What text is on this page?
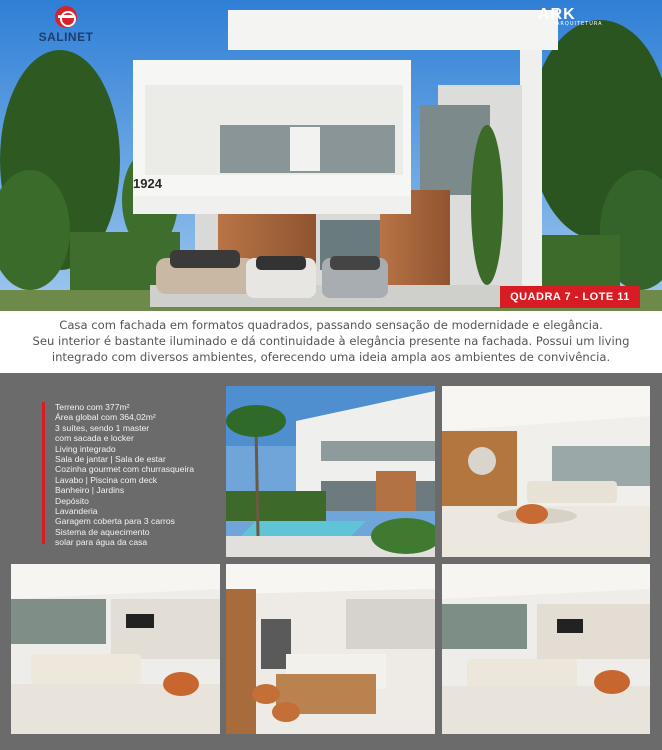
SALINET
ARK
ARQUITETURA
1924
QUADRA 7 - LOTE 11

Casa com fachada em formatos quadrados, passando sensação de modernidade e elegância.

Seu interior é bastante iluminado e dá continuidade à elegância presente na fachada. Possui um living

integrado com diversos ambientes, oferecendo uma ideia ampla aos ambientes de convivência.

Terreno com 377m²
Área global com 364,02m²
3 suítes, sendo 1 master
com sacada e locker
Living integrado
Sala de jantar | Sala de estar
Cozinha gourmet com churrasqueira
Lavabo | Piscina com deck
Banheiro | Jardins
Depósito
Lavanderia
Garagem coberta para 3 carros
Sistema de aquecimento
solar para água da casa
